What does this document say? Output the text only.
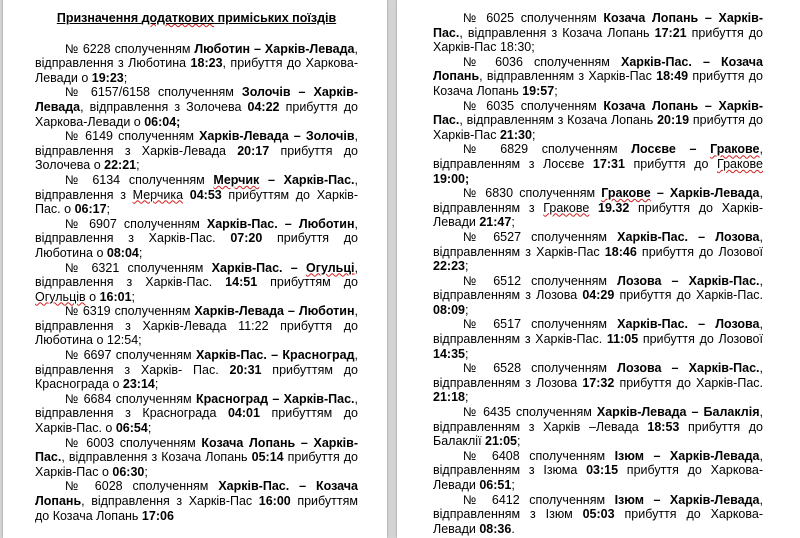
Призначення додаткових приміських поїздів

№ 6228 сполученням Люботин – Харків-Левада, відправлення з Люботина 18:23, прибуття до Харкова-Левади о 19:23;

№ 6157/6158 сполученням Золочів – Харків-Левада, відправлення з Золочева 04:22 прибуття до Харкова-Левади о 06:04;

№ 6149 сполученням Харків-Левада – Золочів, відправлення з Харків-Левада 20:17 прибуття до Золочева о 22:21;

№ 6134 сполученням Мерчик – Харків-Пас., відправлення з Мерчика 04:53 прибуттям до Харків-Пас. о 06:17;

№ 6907 сполученням Харків-Пас. – Люботин, відправлення з Харків-Пас. 07:20 прибуття до Люботина о 08:04;

№ 6321 сполученням Харків-Пас. – Огульці, відправлення з Харків-Пас. 14:51 прибуттям до Огульців о 16:01;

№ 6319 сполученням Харків-Левада – Люботин, відправлення з Харків-Левада 11:22 прибуття до Люботина о 12:54;

№ 6697 сполученням Харків-Пас. – Красноград, відправлення з Харків- Пас. 20:31 прибуттям до Краснограда о 23:14;

№ 6684 сполученням Красноград – Харків-Пас., відправлення з Краснограда 04:01 прибуттям до Харків-Пас. о 06:54;

№ 6003 сполученням Козача Лопань – Харків-Пас., відправлення з Козача Лопань 05:14 прибуття до Харків-Пас о 06:30;

№ 6028 сполученням Харків-Пас. – Козача Лопань, відправлення з Харків-Пас 16:00 прибуттям до Козача Лопань 17:06

№ 6025 сполученням Козача Лопань – Харків-Пас., відправлення з Козача Лопань 17:21 прибуття до Харків-Пас 18:30;

№ 6036 сполученням Харків-Пас. – Козача Лопань, відправленням з Харків-Пас 18:49 прибуття до Козача Лопань 19:57;

№ 6035 сполученням Козача Лопань – Харків-Пас., відправленням з Козача Лопань 20:19 прибуття до Харків-Пас 21:30;

№ 6829 сполученням Лосєве – Гракове, відправленням з Лосєве 17:31 прибуття до Гракове 19:00;

№ 6830 сполученням Гракове – Харків-Левада, відправленням з Гракове 19.32 прибуття до Харків-Левади 21:47;

№ 6527 сполученням Харків-Пас. – Лозова, відправленням з Харків-Пас 18:46 прибуття до Лозової 22:23;

№ 6512 сполученням Лозова – Харків-Пас., відправленням з Лозова 04:29 прибуття до Харків-Пас. 08:09;

№ 6517 сполученням Харків-Пас. – Лозова, відправленням з Харків-Пас. 11:05 прибуття до Лозової 14:35;

№ 6528 сполученням Лозова – Харків-Пас., відправленням з Лозова 17:32 прибуття до Харків-Пас. 21:18;

№ 6435 сполученням Харків-Левада – Балаклія, відправленням з Харків –Левада 18:53 прибуття до Балаклії 21:05;

№ 6408 сполученням Ізюм – Харків-Левада, відправленням з Ізюма 03:15 прибуття до Харкова-Левади 06:51;

№ 6412 сполученням Ізюм – Харків-Левада, відправленням з Ізюм 05:03 прибуття до Харкова-Левади 08:36.
